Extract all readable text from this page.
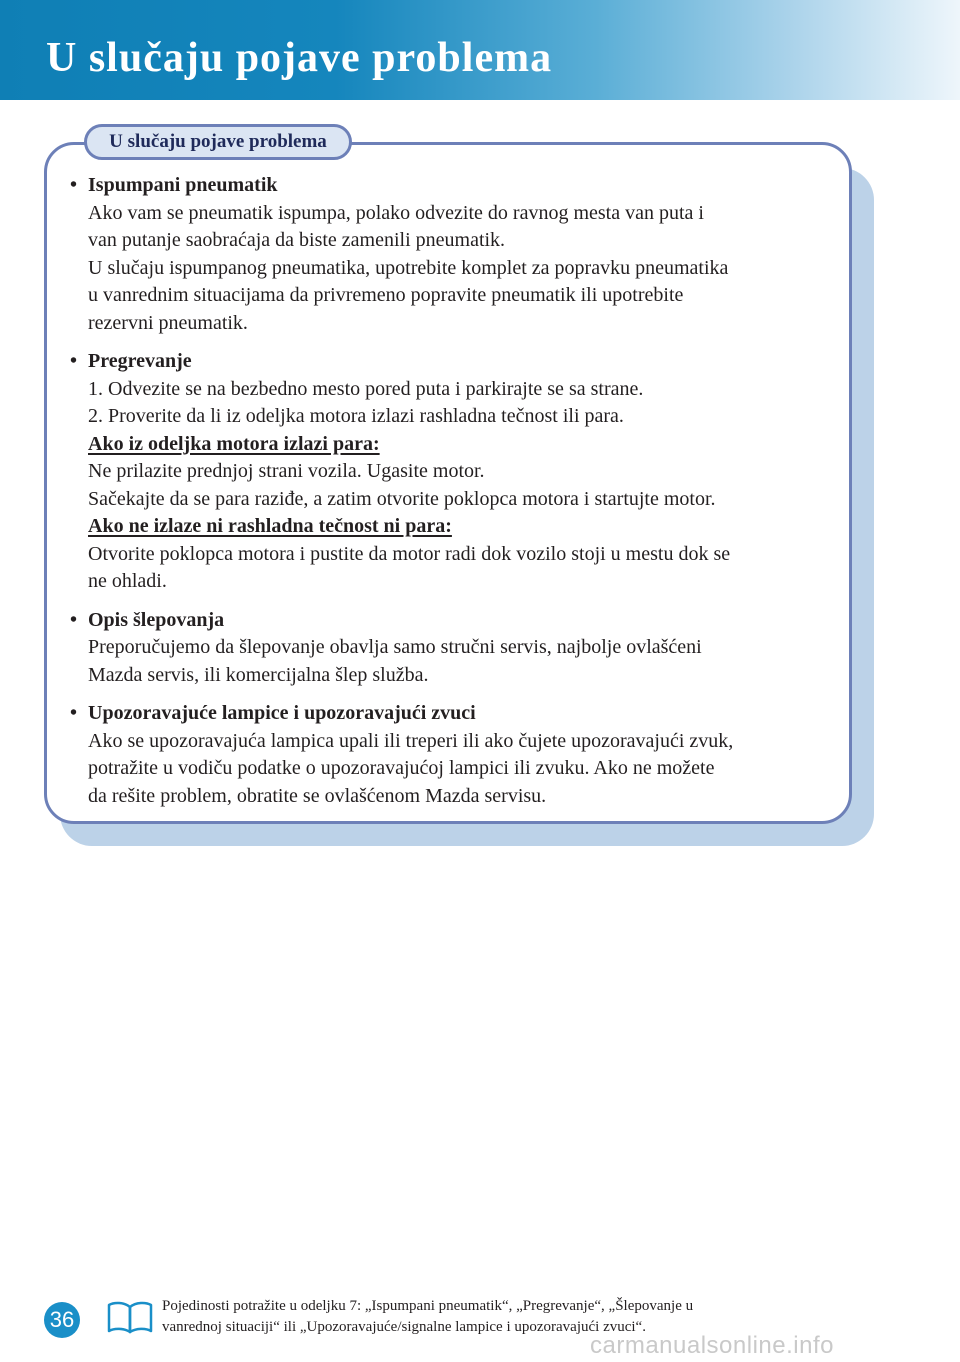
U slučaju pojave problema
U slučaju pojave problema
• Ispumpani pneumatik
Ako vam se pneumatik ispumpa, polako odvezite do ravnog mesta van puta i
van putanje saobraćaja da biste zamenili pneumatik.
U slučaju ispumpanog pneumatika, upotrebite komplet za popravku pneumatika
u vanrednim situacijama da privremeno popravite pneumatik ili upotrebite
rezervni pneumatik.
• Pregrevanje
1. Odvezite se na bezbedno mesto pored puta i parkirajte se sa strane.
2. Proverite da li iz odeljka motora izlazi rashladna tečnost ili para.
Ako iz odeljka motora izlazi para:
Ne prilazite prednjoj strani vozila. Ugasite motor.
Sačekajte da se para raziđe, a zatim otvorite poklopca motora i startujte motor.
Ako ne izlaze ni rashladna tečnost ni para:
Otvorite poklopca motora i pustite da motor radi dok vozilo stoji u mestu dok se
ne ohladi.
• Opis šlepovanja
Preporučujemo da šlepovanje obavlja samo stručni servis, najbolje ovlašćeni
Mazda servis, ili komercijalna šlep služba.
• Upozoravajuće lampice i upozoravajući zvuci
Ako se upozoravajuća lampica upali ili treperi ili ako čujete upozoravajući zvuk,
potražite u vodiču podatke o upozoravajućoj lampici ili zvuku. Ako ne možete
da rešite problem, obratite se ovlašćenom Mazda servisu.
36
Pojedinosti potražite u odeljku 7: „Ispumpani pneumatik“, „Pregrevanje“, „Šlepovanje u
vanrednoj situaciji“ ili „Upozoravajuće/signalne lampice i upozoravajući zvuci“.
carmanualsonline.info
